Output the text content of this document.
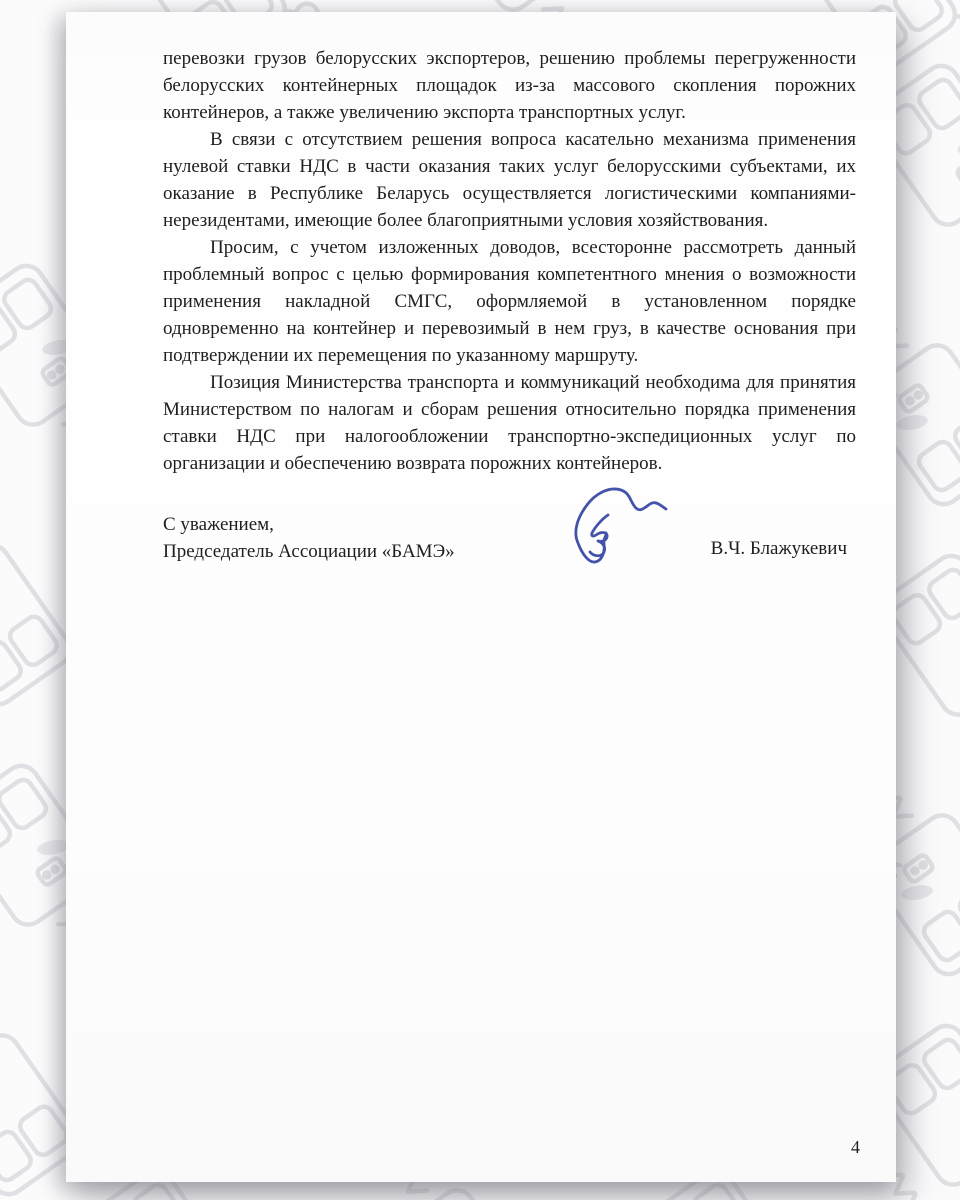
перевозки грузов белорусских экспортеров, решению проблемы перегруженности белорусских контейнерных площадок из-за массового скопления порожних контейнеров, а также увеличению экспорта транспортных услуг.

В связи с отсутствием решения вопроса касательно механизма применения нулевой ставки НДС в части оказания таких услуг белорусскими субъектами, их оказание в Республике Беларусь осуществляется логистическими компаниями-нерезидентами, имеющие более благоприятными условия хозяйствования.

Просим, с учетом изложенных доводов, всесторонне рассмотреть данный проблемный вопрос с целью формирования компетентного мнения о возможности применения накладной СМГС, оформляемой в установленном порядке одновременно на контейнер и перевозимый в нем груз, в качестве основания при подтверждении их перемещения по указанному маршруту.

Позиция Министерства транспорта и коммуникаций необходима для принятия Министерством по налогам и сборам решения относительно порядка применения ставки НДС при налогообложении транспортно-экспедиционных услуг по организации и обеспечению возврата порожних контейнеров.

С уважением,
Председатель Ассоциации «БАМЭ»	В.Ч. Блажукевич
4
